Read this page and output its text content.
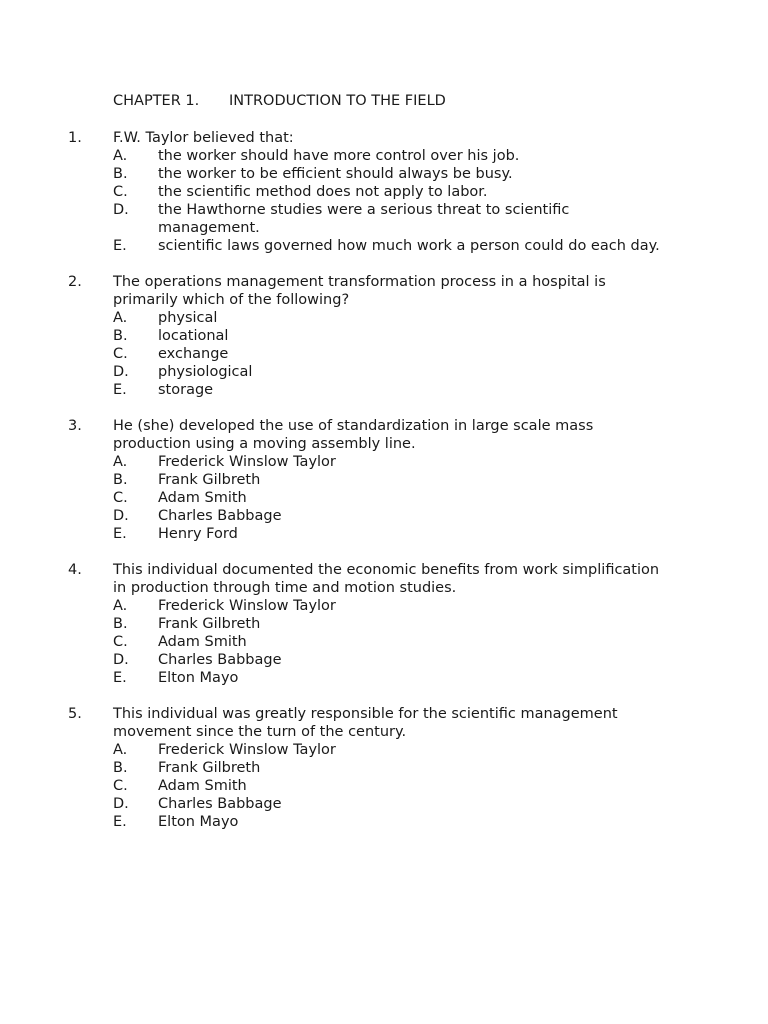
CHAPTER 1. INTRODUCTION TO THE FIELD
1.	F.W. Taylor believed that:
A.	the worker should have more control over his job.
B.	the worker to be efficient should always be busy.
C.	the scientific method does not apply to labor.
D.	the Hawthorne studies were a serious threat to scientific management.
E. scientific laws governed how much work a person could do each day.
2.	The operations management transformation process in a hospital is primarily which of the following?
A.	physical
B.	locational
C.	exchange
D.	physiological
E.	storage
3.	He (she) developed the use of standardization in large scale mass production using a moving assembly line.
A.	Frederick Winslow Taylor
B.	Frank Gilbreth
C.	Adam Smith
D.	Charles Babbage
E.	Henry Ford
4.	This individual documented the economic benefits from work simplification in production through time and motion studies.
A.	Frederick Winslow Taylor
B.	Frank Gilbreth
C.	Adam Smith
D.	Charles Babbage
E.	Elton Mayo
5.	This individual was greatly responsible for the scientific management movement since the turn of the century.
A.	Frederick Winslow Taylor
B.	Frank Gilbreth
C.	Adam Smith
D.	Charles Babbage
E.	Elton Mayo
